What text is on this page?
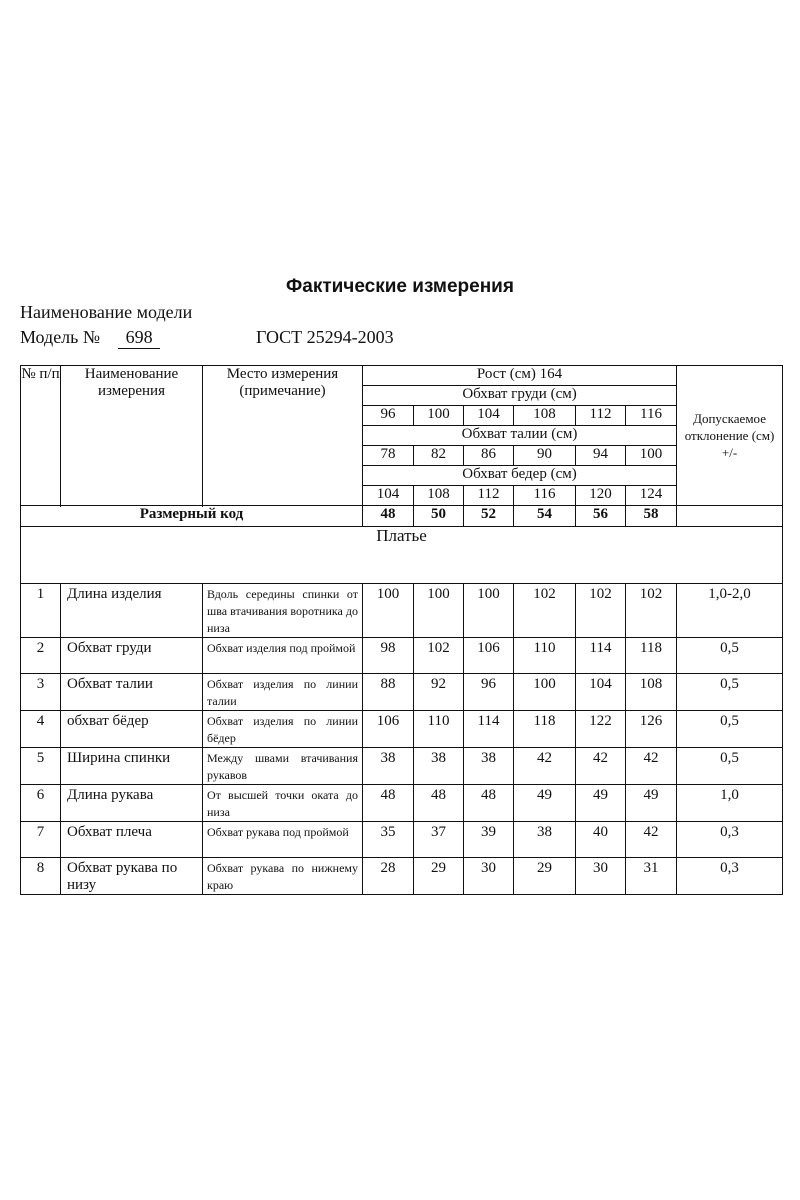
Фактические измерения
Наименование модели
Модель № 698	ГОСТ 25294-2003
№ п/п	Наименование измерения	Место измерения (примечание)	Рост (см) 164						Допускаемое отклонение (см) +/-
			Обхват груди (см)						
			96	100	104	108	112	116	
			Обхват талии (см)						
			78	82	86	90	94	100	
			Обхват бедер (см)						
			104	108	112	116	120	124	

Размерный код			48	50	52	54	56	58	
Платье									
1	Длина изделия	Вдоль середины спинки от шва втачивания воротника до низа	100	100	100	102	102	102	1,0-2,0
2	Обхват груди	Обхват изделия под проймой	98	102	106	110	114	118	0,5
3	Обхват талии	Обхват изделия по линии талии	88	92	96	100	104	108	0,5
4	обхват бёдер	Обхват изделия по линии бёдер	106	110	114	118	122	126	0,5
5	Ширина спинки	Между швами втачивания рукавов	38	38	38	42	42	42	0,5
6	Длина рукава	От высшей точки оката до низа	48	48	48	49	49	49	1,0
7	Обхват плеча	Обхват рукава под проймой	35	37	39	38	40	42	0,3
8	Обхват рукава по низу	Обхват рукава по нижнему краю	28	29	30	29	30	31	0,3
